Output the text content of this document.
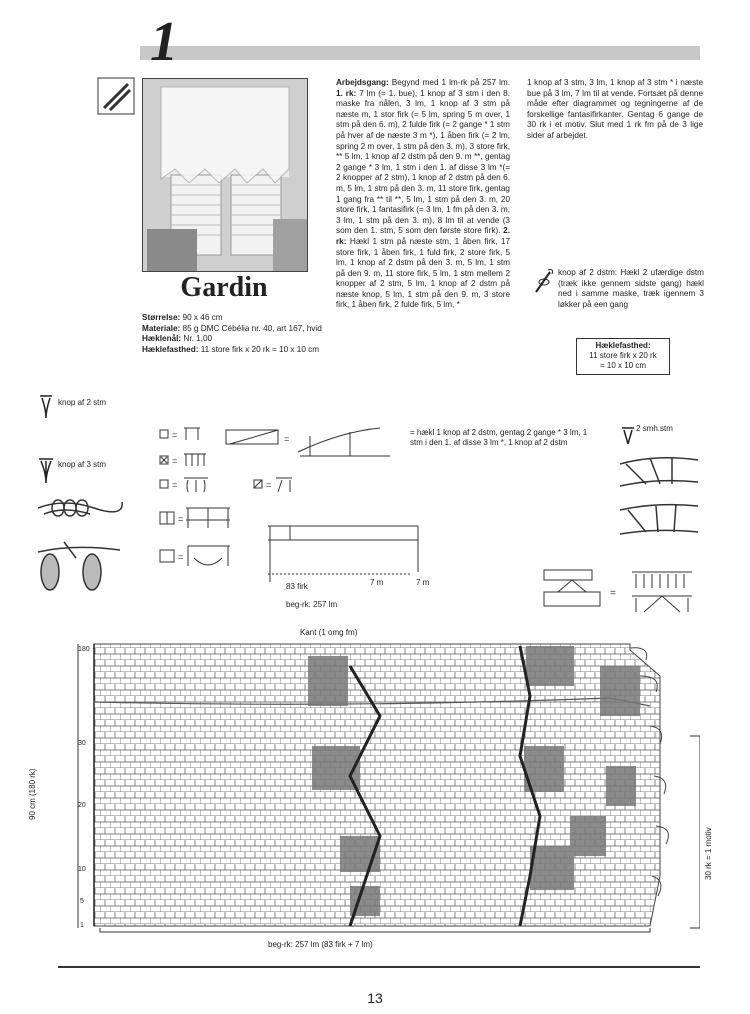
1
Gardin
Størrelse: 90 x 46 cm
Materiale: 85 g DMC Cébélia nr. 40, art 167, hvid
Hæklenål: Nr. 1,00
Hæklefasthed: 11 store firk x 20 rk = 10 x 10 cm
Arbejdsgang: Begynd med 1 lm-rk på 257 lm. 1. rk: 7 lm (= 1. bue), 1 knop af 3 stm i den 8. maske fra nålen, 3 lm, 1 knop af 3 stm på næste m, 1 stor firk (= 5 lm, spring 5 m over, 1 stm på den 6. m), 2 fulde firk (= 2 gange * 1 stm på hver af de næste 3 m *), 1 åben firk (= 2 lm, spring 2 m over, 1 stm på den 3. m), 3 store firk, ** 5 lm, 1 knop af 2 dstm på den 9. m **, gentag 2 gange * 3 lm, 1 stm i den 1. af disse 3 lm *(= 2 knopper af 2 stm), 1 knop af 2 dstm på den 6. m, 5 lm, 1 stm på den 3. m, 11 store firk, gentag 1 gang fra ** til **, 5 lm, 1 stm på den 3. m, 20 store firk, 1 fantasifirk (= 3 lm, 1 fm på den 3. m, 3 lm, 1 stm på den 3. m), 8 lm til at vende (3 som den 1. stm, 5 som den første store firk). 2. rk: Hækl 1 stm på næste stm, 1 åben firk, 17 store firk, 1 åben firk, 1 fuld firk, 2 store firk, 5 lm, 1 knop af 2 dstm på den 3. m, 5 lm, 1 stm på den 9. m, 11 store firk, 5 lm, 1 stm mellem 2 knopper af 2 stm, 5 lm, 1 knop af 2 dstm på næste knop, 5 lm, 1 stm på den 9. m, 3 store firk, 1 åben firk, 2 fulde firk, 5 lm, *
1 knop af 3 stm, 3 lm, 1 knop af 3 stm * i næste bue på 3 lm, 7 lm til at vende. Fortsæt på denne måde efter diagrammet og tegningerne af de forskellige fantasifirkanter. Gentag 6 gange de 30 rk i et motiv. Slut med 1 rk fm på de 3 lige sider af arbejdet.
knop af 2 dstm: Hækl 2 ufærdige dstm (træk ikke gennem sidste gang) hækl ned i samme maske, træk igennem 3 løkker på een gang
Hæklefasthed:
11 store firk x 20 rk
= 10 x 10 cm
knop af 2 stm
knop af 3 stm
=
=
=
=
=
=
=
= hækl 1 knop af 2 dstm, gentag 2 gange * 3 lm, 1 stm i den 1. af disse 3 lm *, 1 knop af 2 dstm
83 firk
beg-rk: 257 lm
7 m	7 m
2 smh.stm
=
Kant (1 omg fm)
180
30
20
10
5
1
90 cm (180 rk)
30 rk = 1 motiv
beg-rk: 257 lm (83 firk + 7 lm)
13
